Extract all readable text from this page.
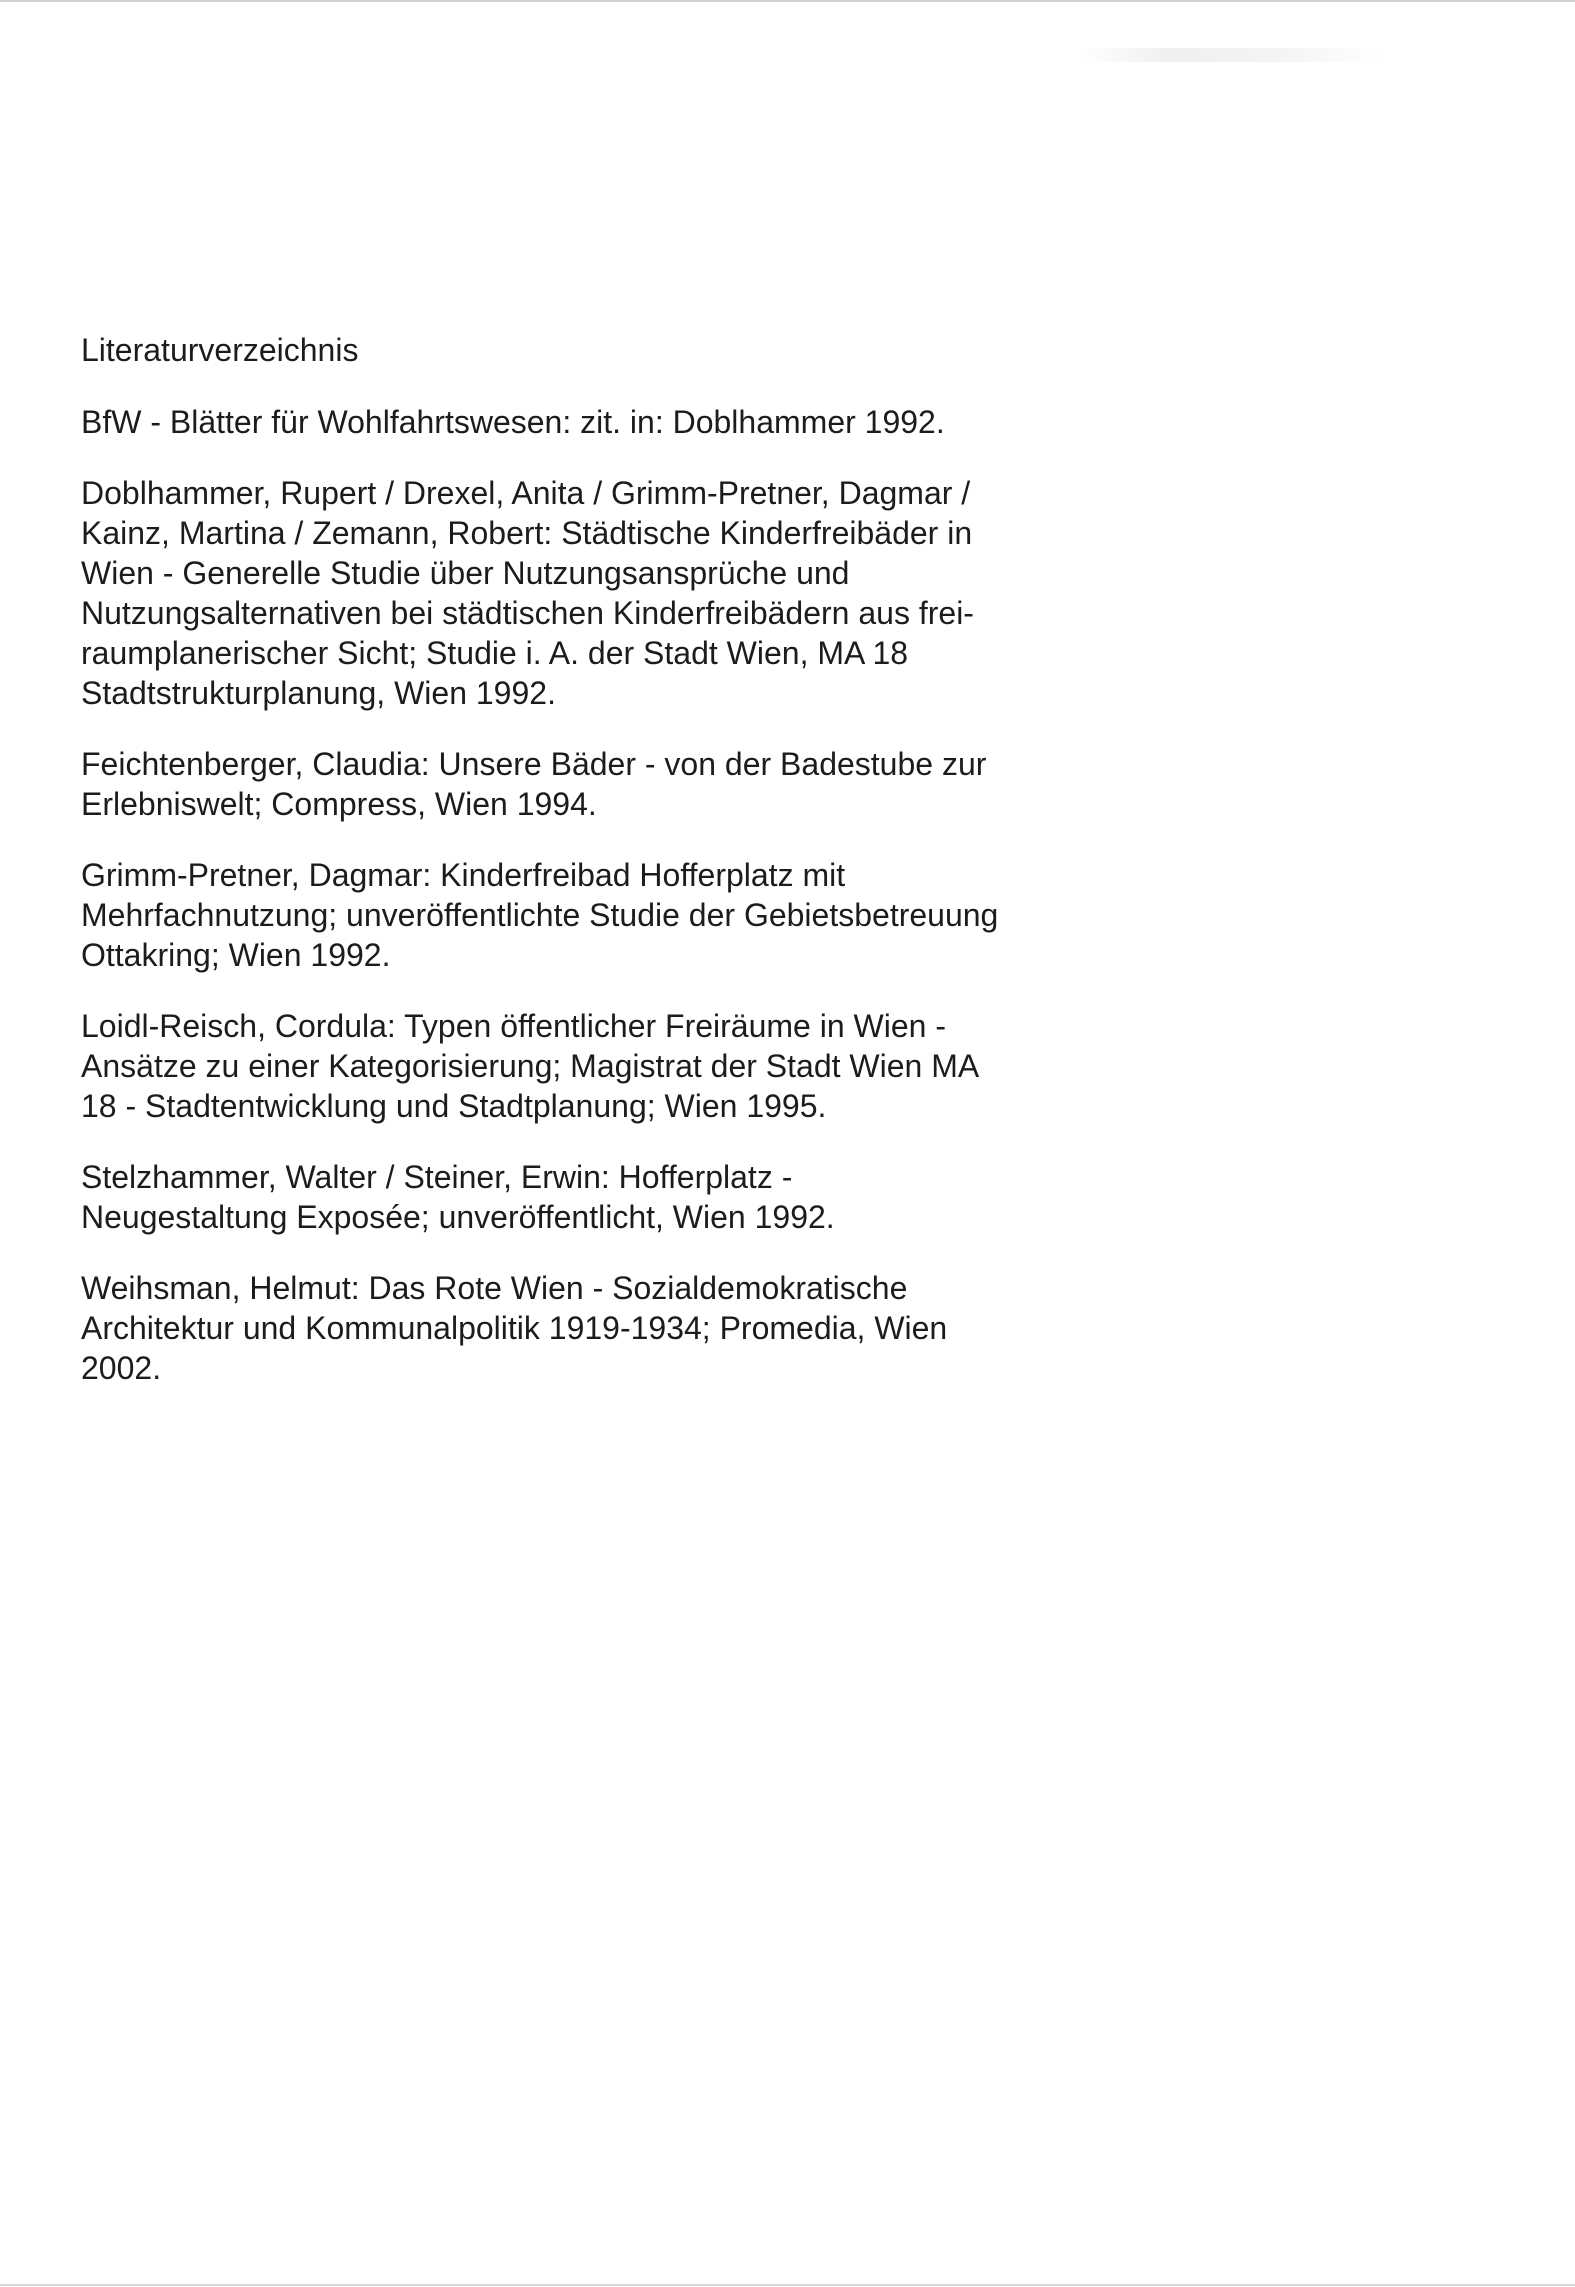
Literaturverzeichnis
BfW - Blätter für Wohlfahrtswesen: zit. in: Doblhammer 1992.
Doblhammer, Rupert / Drexel, Anita / Grimm-Pretner, Dagmar /
Kainz, Martina / Zemann, Robert: Städtische Kinderfreibäder in
Wien - Generelle Studie über Nutzungsansprüche und
Nutzungsalternativen bei städtischen Kinderfreibädern aus frei-
raumplanerischer Sicht; Studie i. A. der Stadt Wien, MA 18
Stadtstrukturplanung, Wien 1992.
Feichtenberger, Claudia: Unsere Bäder - von der Badestube zur
Erlebniswelt; Compress, Wien 1994.
Grimm-Pretner, Dagmar: Kinderfreibad Hofferplatz mit
Mehrfachnutzung; unveröffentlichte Studie der Gebietsbetreuung
Ottakring; Wien 1992.
Loidl-Reisch, Cordula: Typen öffentlicher Freiräume in Wien -
Ansätze zu einer Kategorisierung; Magistrat der Stadt Wien MA
18 - Stadtentwicklung und Stadtplanung; Wien 1995.
Stelzhammer, Walter / Steiner, Erwin: Hofferplatz -
Neugestaltung Exposée; unveröffentlicht, Wien 1992.
Weihsman, Helmut: Das Rote Wien - Sozialdemokratische
Architektur und Kommunalpolitik 1919-1934; Promedia, Wien
2002.
